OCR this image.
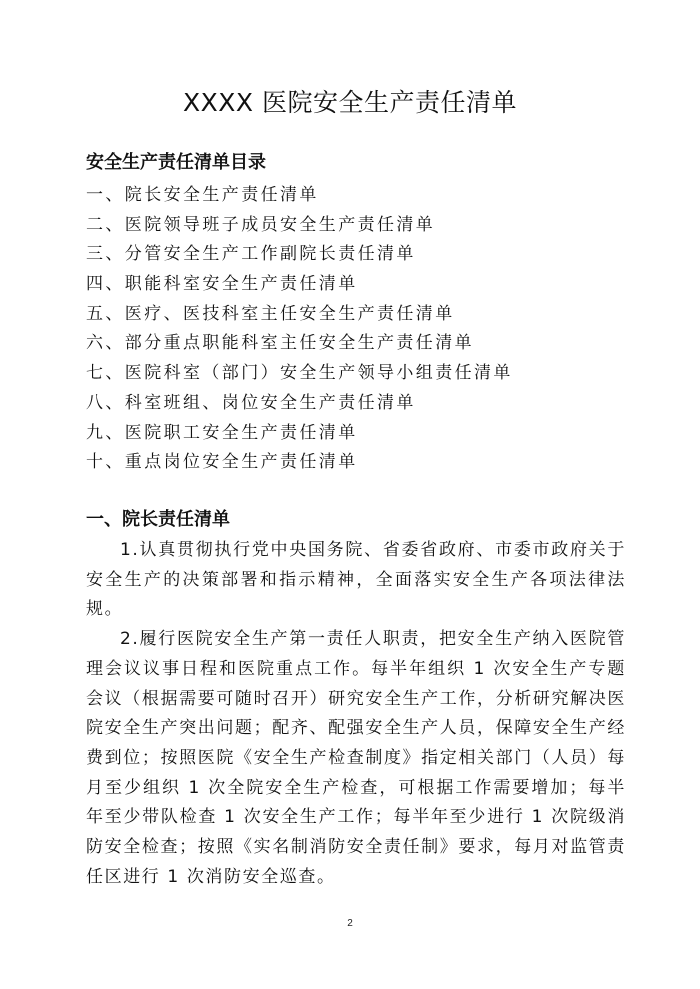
XXXX 医院安全生产责任清单
安全生产责任清单目录
一、院长安全生产责任清单
二、医院领导班子成员安全生产责任清单
三、分管安全生产工作副院长责任清单
四、职能科室安全生产责任清单
五、医疗、医技科室主任安全生产责任清单
六、部分重点职能科室主任安全生产责任清单
七、医院科室（部门）安全生产领导小组责任清单
八、科室班组、岗位安全生产责任清单
九、医院职工安全生产责任清单
十、重点岗位安全生产责任清单
一、院长责任清单

1.认真贯彻执行党中央国务院、省委省政府、市委市政府关于安全生产的决策部署和指示精神，全面落实安全生产各项法律法规。

2.履行医院安全生产第一责任人职责，把安全生产纳入医院管理会议议事日程和医院重点工作。每半年组织 1 次安全生产专题会议（根据需要可随时召开）研究安全生产工作，分析研究解决医院安全生产突出问题；配齐、配强安全生产人员，保障安全生产经费到位；按照医院《安全生产检查制度》指定相关部门（人员）每月至少组织 1 次全院安全生产检查，可根据工作需要增加；每半年至少带队检查 1 次安全生产工作；每半年至少进行 1 次院级消防安全检查；按照《实名制消防安全责任制》要求，每月对监管责任区进行 1 次消防安全巡查。

2
